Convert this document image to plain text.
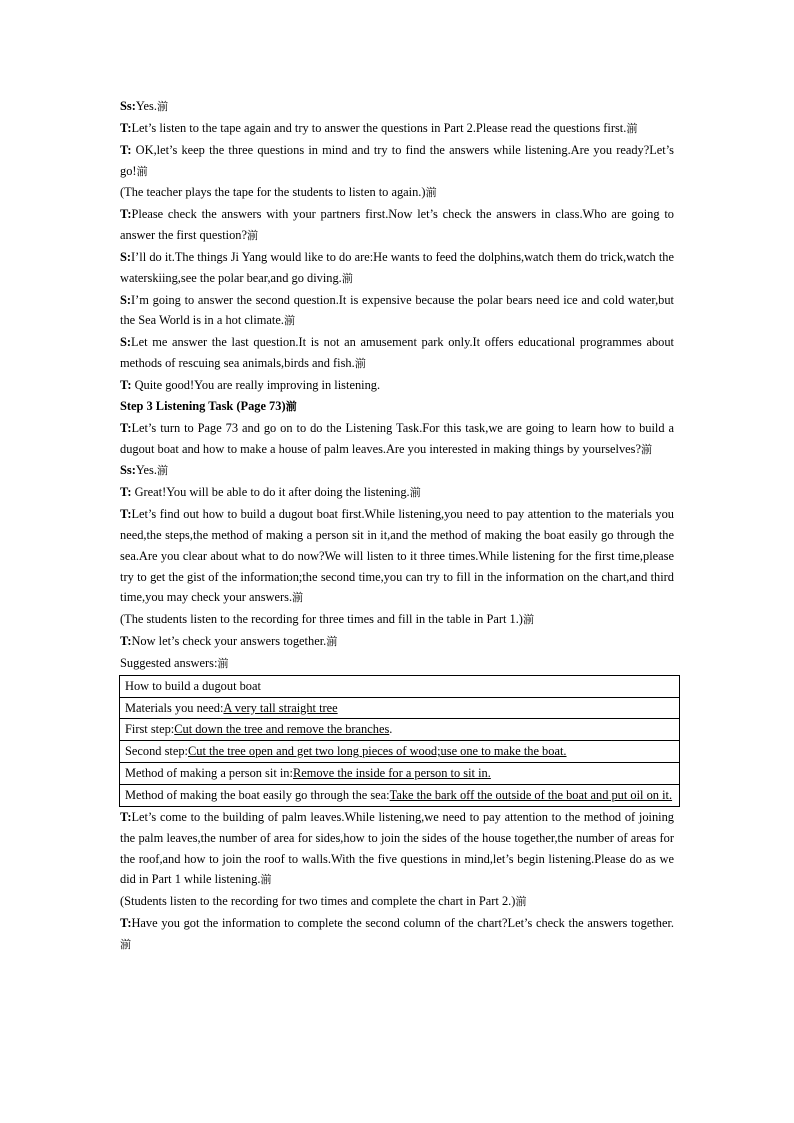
Ss:Yes.湔

T:Let’s listen to the tape again and try to answer the questions in Part 2.Please read the questions first.湔

T: OK,let’s keep the three questions in mind and try to find the answers while listening.Are you ready?Let’s go!湔

(The teacher plays the tape for the students to listen to again.)湔

T:Please check the answers with your partners first.Now let’s check the answers in class.Who are going to answer the first question?湔

S:I’ll do it.The things Ji Yang would like to do are:He wants to feed the dolphins,watch them do trick,watch the waterskiing,see the polar bear,and go diving.湔

S:I’m going to answer the second question.It is expensive because the polar bears need ice and cold water,but the Sea World is in a hot climate.湔

S:Let me answer the last question.It is not an amusement park only.It offers educational programmes about methods of rescuing sea animals,birds and fish.湔

T: Quite good!You are really improving in listening.

Step 3 Listening Task (Page 73)湔

T:Let’s turn to Page 73 and go on to do the Listening Task.For this task,we are going to learn how to build a dugout boat and how to make a house of palm leaves.Are you interested in making things by yourselves?湔

Ss:Yes.湔

T: Great!You will be able to do it after doing the listening.湔

T:Let’s find out how to build a dugout boat first.While listening,you need to pay attention to the materials you need,the steps,the method of making a person sit in it,and the method of making the boat easily go through the sea.Are you clear about what to do now?We will listen to it three times.While listening for the first time,please try to get the gist of the information;the second time,you can try to fill in the information on the chart,and third time,you may check your answers.湔

(The students listen to the recording for three times and fill in the table in Part 1.)湔

T:Now let’s check your answers together.湔

Suggested answers:湔

How to build a dugout boat
Materials you need:A very tall straight tree
First step:Cut down the tree and remove the branches.
Second step:Cut the tree open and get two long pieces of wood;use one to make the boat.
Method of making a person sit in:Remove the inside for a person to sit in.
Method of making the boat easily go through the sea:Take the bark off the outside of the boat and put oil on it.

T:Let’s come to the building of palm leaves.While listening,we need to pay attention to the method of joining the palm leaves,the number of area for sides,how to join the sides of the house together,the number of areas for the roof,and how to join the roof to walls.With the five questions in mind,let’s begin listening.Please do as we did in Part 1 while listening.湔

(Students listen to the recording for two times and complete the chart in Part 2.)湔

T:Have you got the information to complete the second column of the chart?Let’s check the answers together.湔
